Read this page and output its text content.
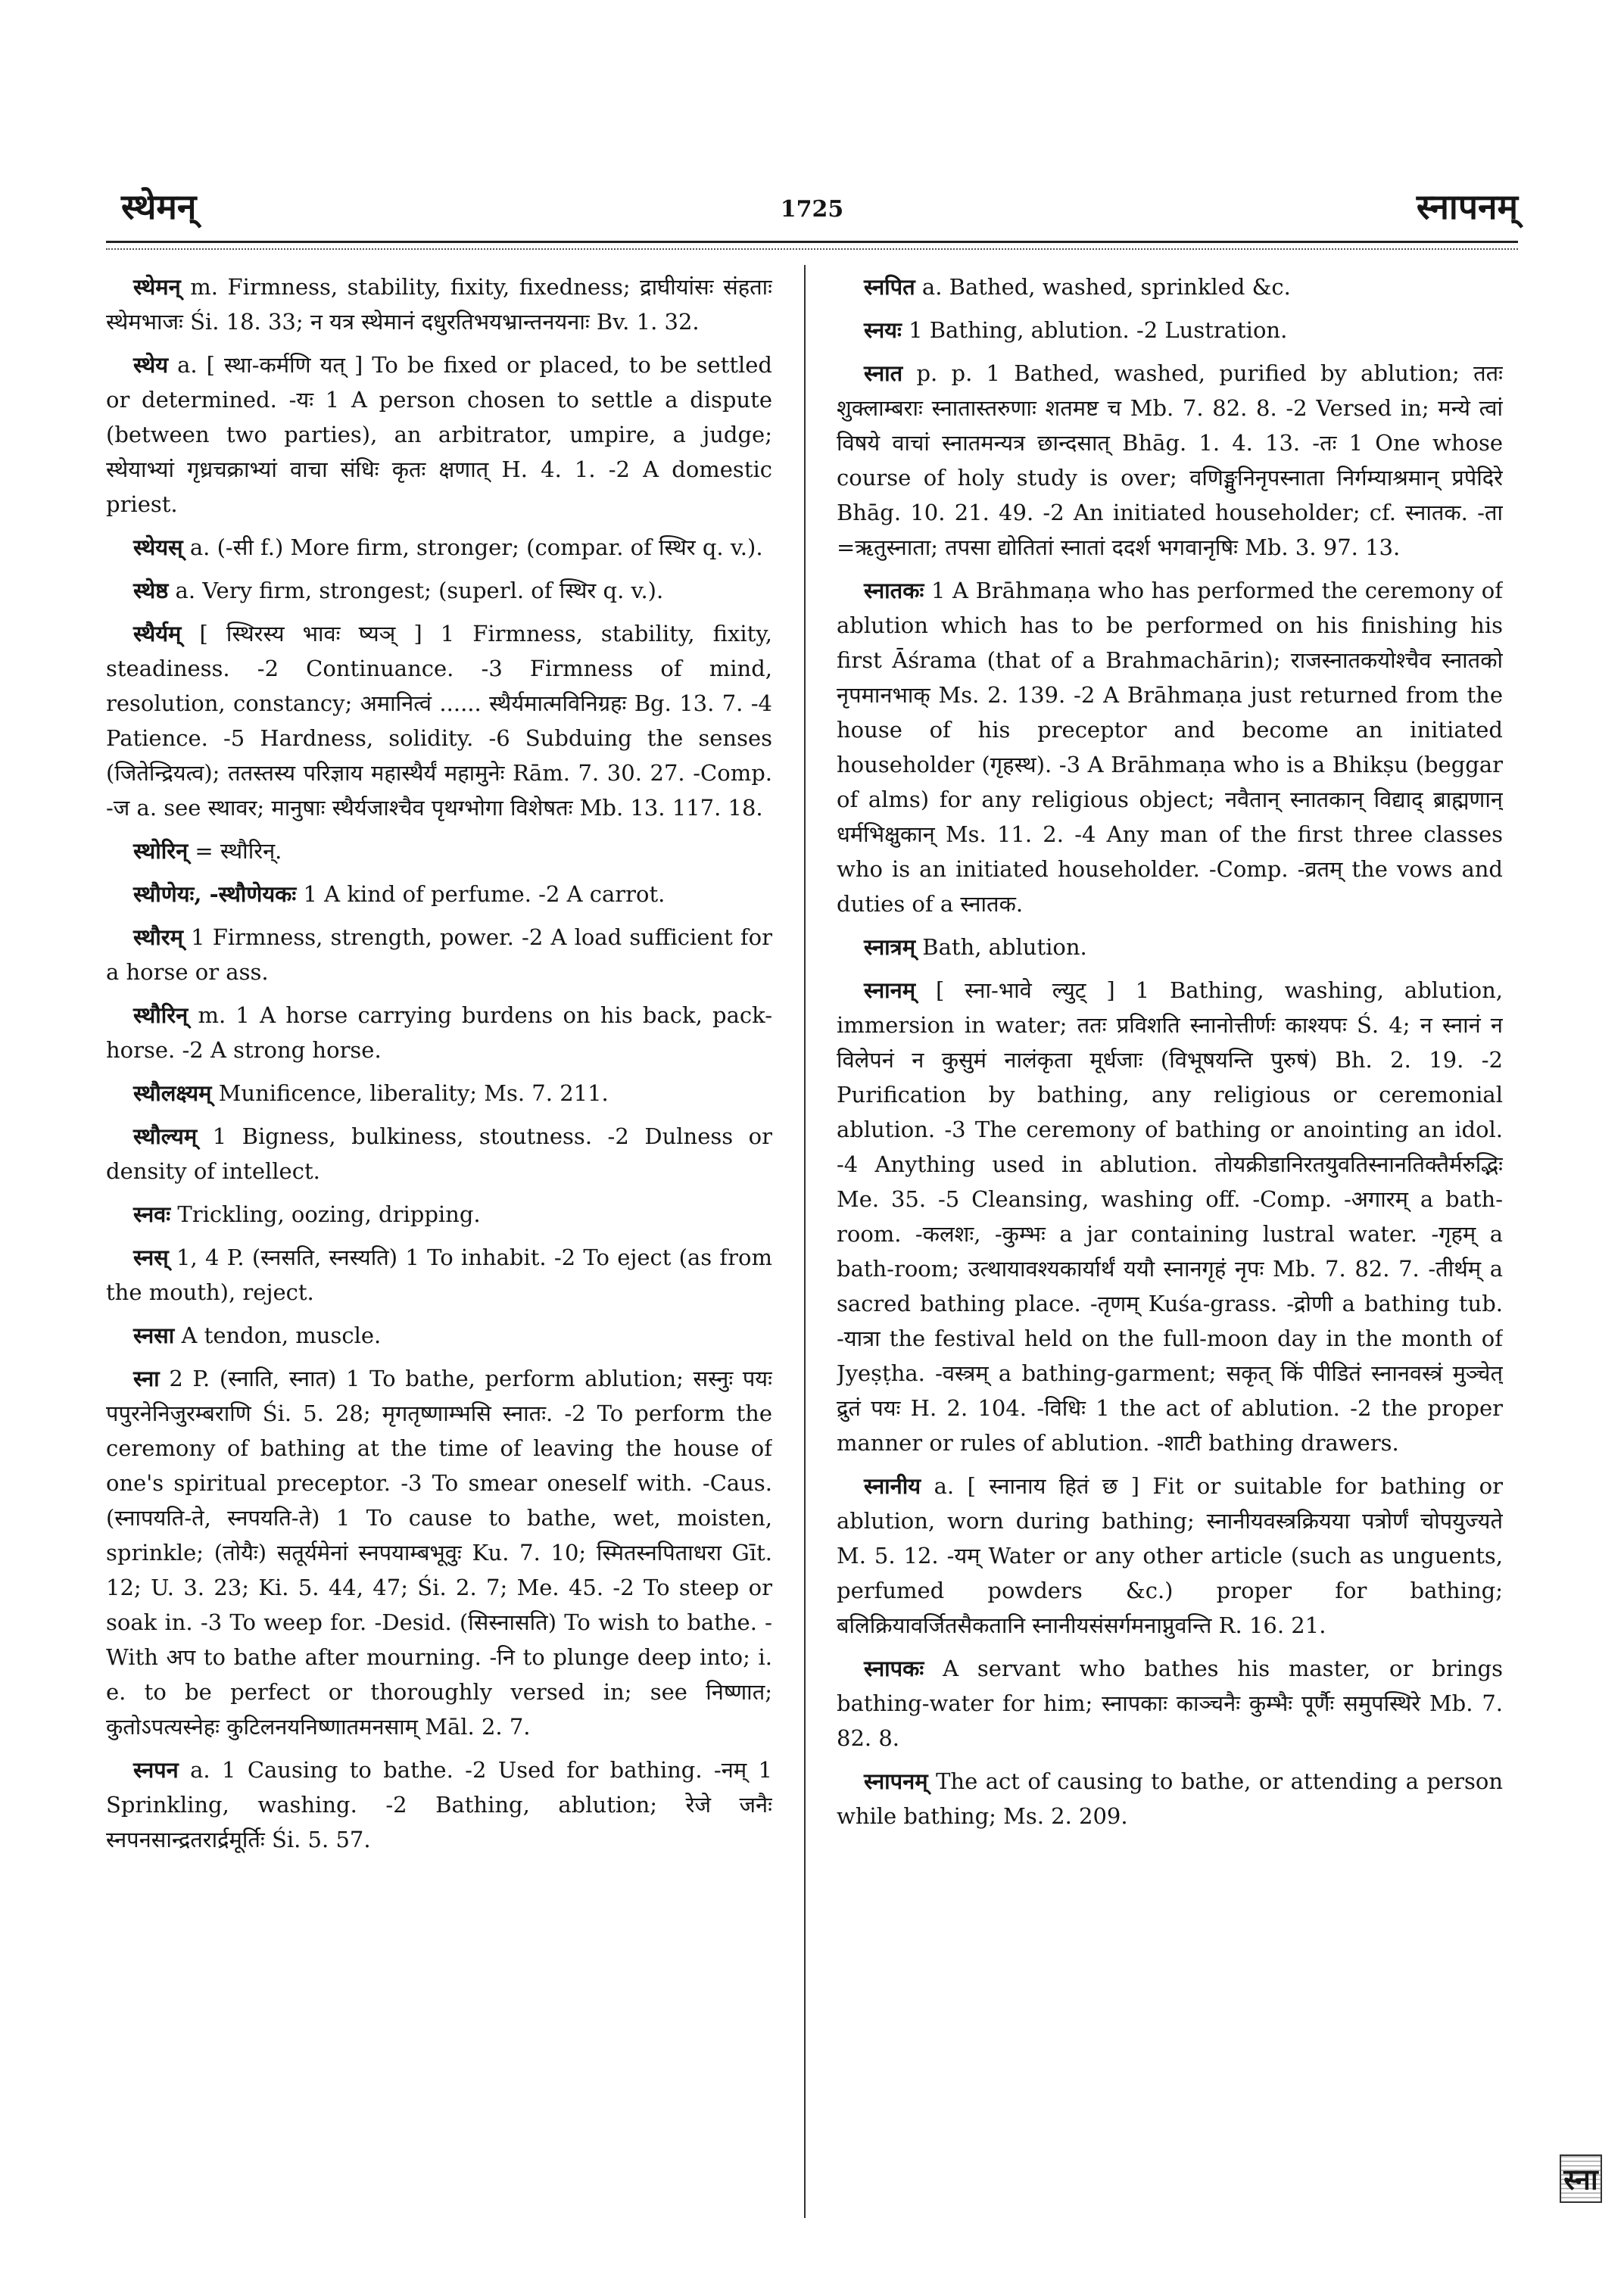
स्थेमन्	1725	स्नापनम्

स्थेमन् m. Firmness, stability, fixity, fixedness; द्राघीयांसः संहताः स्थेमभाजः Śi. 18. 33; न यत्र स्थेमानं दधुरतिभयभ्रान्तनयनाः Bv. 1. 32.

स्थेय a. [ स्था-कर्मणि यत् ] To be fixed or placed, to be settled or determined. -यः 1 A person chosen to settle a dispute (between two parties), an arbitrator, umpire, a judge; स्थेयाभ्यां गृध्रचक्राभ्यां वाचा संधिः कृतः क्षणात् H. 4. 1. -2 A domestic priest.

स्थेयस् a. (-सी f.) More firm, stronger; (compar. of स्थिर q. v.).

स्थेष्ठ a. Very firm, strongest; (superl. of स्थिर q. v.).

स्थैर्यम् [ स्थिरस्य भावः ष्यञ् ] 1 Firmness, stability, fixity, steadiness. -2 Continuance. -3 Firmness of mind, resolution, constancy; अमानित्वं ...... स्थैर्यमात्मविनिग्रहः Bg. 13. 7. -4 Patience. -5 Hardness, solidity. -6 Subduing the senses (जितेन्द्रियत्व); ततस्तस्य परिज्ञाय महास्थैर्यं महामुनेः Rām. 7. 30. 27. -Comp. -ज a. see स्थावर; मानुषाः स्थैर्यजाश्चैव पृथग्भोगा विशेषतः Mb. 13. 117. 18.

स्थोरिन् = स्थौरिन्.

स्थौणेयः, -स्थौणेयकः 1 A kind of perfume. -2 A carrot.

स्थौरम् 1 Firmness, strength, power. -2 A load sufficient for a horse or ass.

स्थौरिन् m. 1 A horse carrying burdens on his back, pack-horse. -2 A strong horse.

स्थौलक्ष्यम् Munificence, liberality; Ms. 7. 211.

स्थौल्यम् 1 Bigness, bulkiness, stoutness. -2 Dulness or density of intellect.

स्नवः Trickling, oozing, dripping.

स्नस् 1, 4 P. (स्नसति, स्नस्यति) 1 To inhabit. -2 To eject (as from the mouth), reject.

स्नसा A tendon, muscle.

स्ना 2 P. (स्नाति, स्नात) 1 To bathe, perform ablution; सस्नुः पयः पपुरनेनिजुरम्बराणि Śi. 5. 28; मृगतृष्णाम्भसि स्नातः. -2 To perform the ceremony of bathing at the time of leaving the house of one's spiritual preceptor. -3 To smear oneself with. -Caus. (स्नापयति-ते, स्नपयति-ते) 1 To cause to bathe, wet, moisten, sprinkle; (तोयैः) सतूर्यमेनां स्नपयाम्बभूवुः Ku. 7. 10; स्मितस्नपिताधरा Gīt. 12; U. 3. 23; Ki. 5. 44, 47; Śi. 2. 7; Me. 45. -2 To steep or soak in. -3 To weep for. -Desid. (सिस्नासति) To wish to bathe. -With अप to bathe after mourning. -नि to plunge deep into; i. e. to be perfect or thoroughly versed in; see निष्णात; कुतोऽपत्यस्नेहः कुटिलनयनिष्णातमनसाम् Māl. 2. 7.

स्नपन a. 1 Causing to bathe. -2 Used for bathing. -नम् 1 Sprinkling, washing. -2 Bathing, ablution; रेजे जनैः स्नपनसान्द्रतरार्द्रमूर्तिः Śi. 5. 57.

स्नपित a. Bathed, washed, sprinkled &c.

स्नयः 1 Bathing, ablution. -2 Lustration.

स्नात p. p. 1 Bathed, washed, purified by ablution; ततः शुक्लाम्बराः स्नातास्तरुणाः शतमष्ट च Mb. 7. 82. 8. -2 Versed in; मन्ये त्वां विषये वाचां स्नातमन्यत्र छान्दसात् Bhāg. 1. 4. 13. -तः 1 One whose course of holy study is over; वणिङ्मुनिनृपस्नाता निर्गम्याश्रमान् प्रपेदिरे Bhāg. 10. 21. 49. -2 An initiated householder; cf. स्नातक. -ता =ऋतुस्नाता; तपसा द्योतितां स्नातां ददर्श भगवानृषिः Mb. 3. 97. 13.

स्नातकः 1 A Brāhmaṇa who has performed the ceremony of ablution which has to be performed on his finishing his first Āśrama (that of a Brahmachārin); राजस्नातकयोश्चैव स्नातको नृपमानभाक् Ms. 2. 139. -2 A Brāhmaṇa just returned from the house of his preceptor and become an initiated householder (गृहस्थ). -3 A Brāhmaṇa who is a Bhikṣu (beggar of alms) for any religious object; नवैतान् स्नातकान् विद्याद् ब्राह्मणान् धर्मभिक्षुकान् Ms. 11. 2. -4 Any man of the first three classes who is an initiated householder. -Comp. -व्रतम् the vows and duties of a स्नातक.

स्नात्रम् Bath, ablution.

स्नानम् [ स्ना-भावे ल्युट् ] 1 Bathing, washing, ablution, immersion in water; ततः प्रविशति स्नानोत्तीर्णः काश्यपः Ś. 4; न स्नानं न विलेपनं न कुसुमं नालंकृता मूर्धजाः (विभूषयन्ति पुरुषं) Bh. 2. 19. -2 Purification by bathing, any religious or ceremonial ablution. -3 The ceremony of bathing or anointing an idol. -4 Anything used in ablution. तोयक्रीडानिरतयुवतिस्नानतिक्तैर्मरुद्भिः Me. 35. -5 Cleansing, washing off. -Comp. -अगारम् a bath-room. -कलशः, -कुम्भः a jar containing lustral water. -गृहम् a bath-room; उत्थायावश्यकार्यार्थं ययौ स्नानगृहं नृपः Mb. 7. 82. 7. -तीर्थम् a sacred bathing place. -तृणम् Kuśa-grass. -द्रोणी a bathing tub. -यात्रा the festival held on the full-moon day in the month of Jyeṣṭha. -वस्त्रम् a bathing-garment; सकृत् किं पीडितं स्नानवस्त्रं मुञ्चेत् द्रुतं पयः H. 2. 104. -विधिः 1 the act of ablution. -2 the proper manner or rules of ablution. -शाटी bathing drawers.

स्नानीय a. [ स्नानाय हितं छ ] Fit or suitable for bathing or ablution, worn during bathing; स्नानीयवस्त्रक्रियया पत्रोर्णं चोपयुज्यते M. 5. 12. -यम् Water or any other article (such as unguents, perfumed powders &c.) proper for bathing; बलिक्रियावर्जितसैकतानि स्नानीयसंसर्गमनाप्नुवन्ति R. 16. 21.

स्नापकः A servant who bathes his master, or brings bathing-water for him; स्नापकाः काञ्चनैः कुम्भैः पूर्णैः समुपस्थिरे Mb. 7. 82. 8.

स्नापनम् The act of causing to bathe, or attending a person while bathing; Ms. 2. 209.

स्ना
